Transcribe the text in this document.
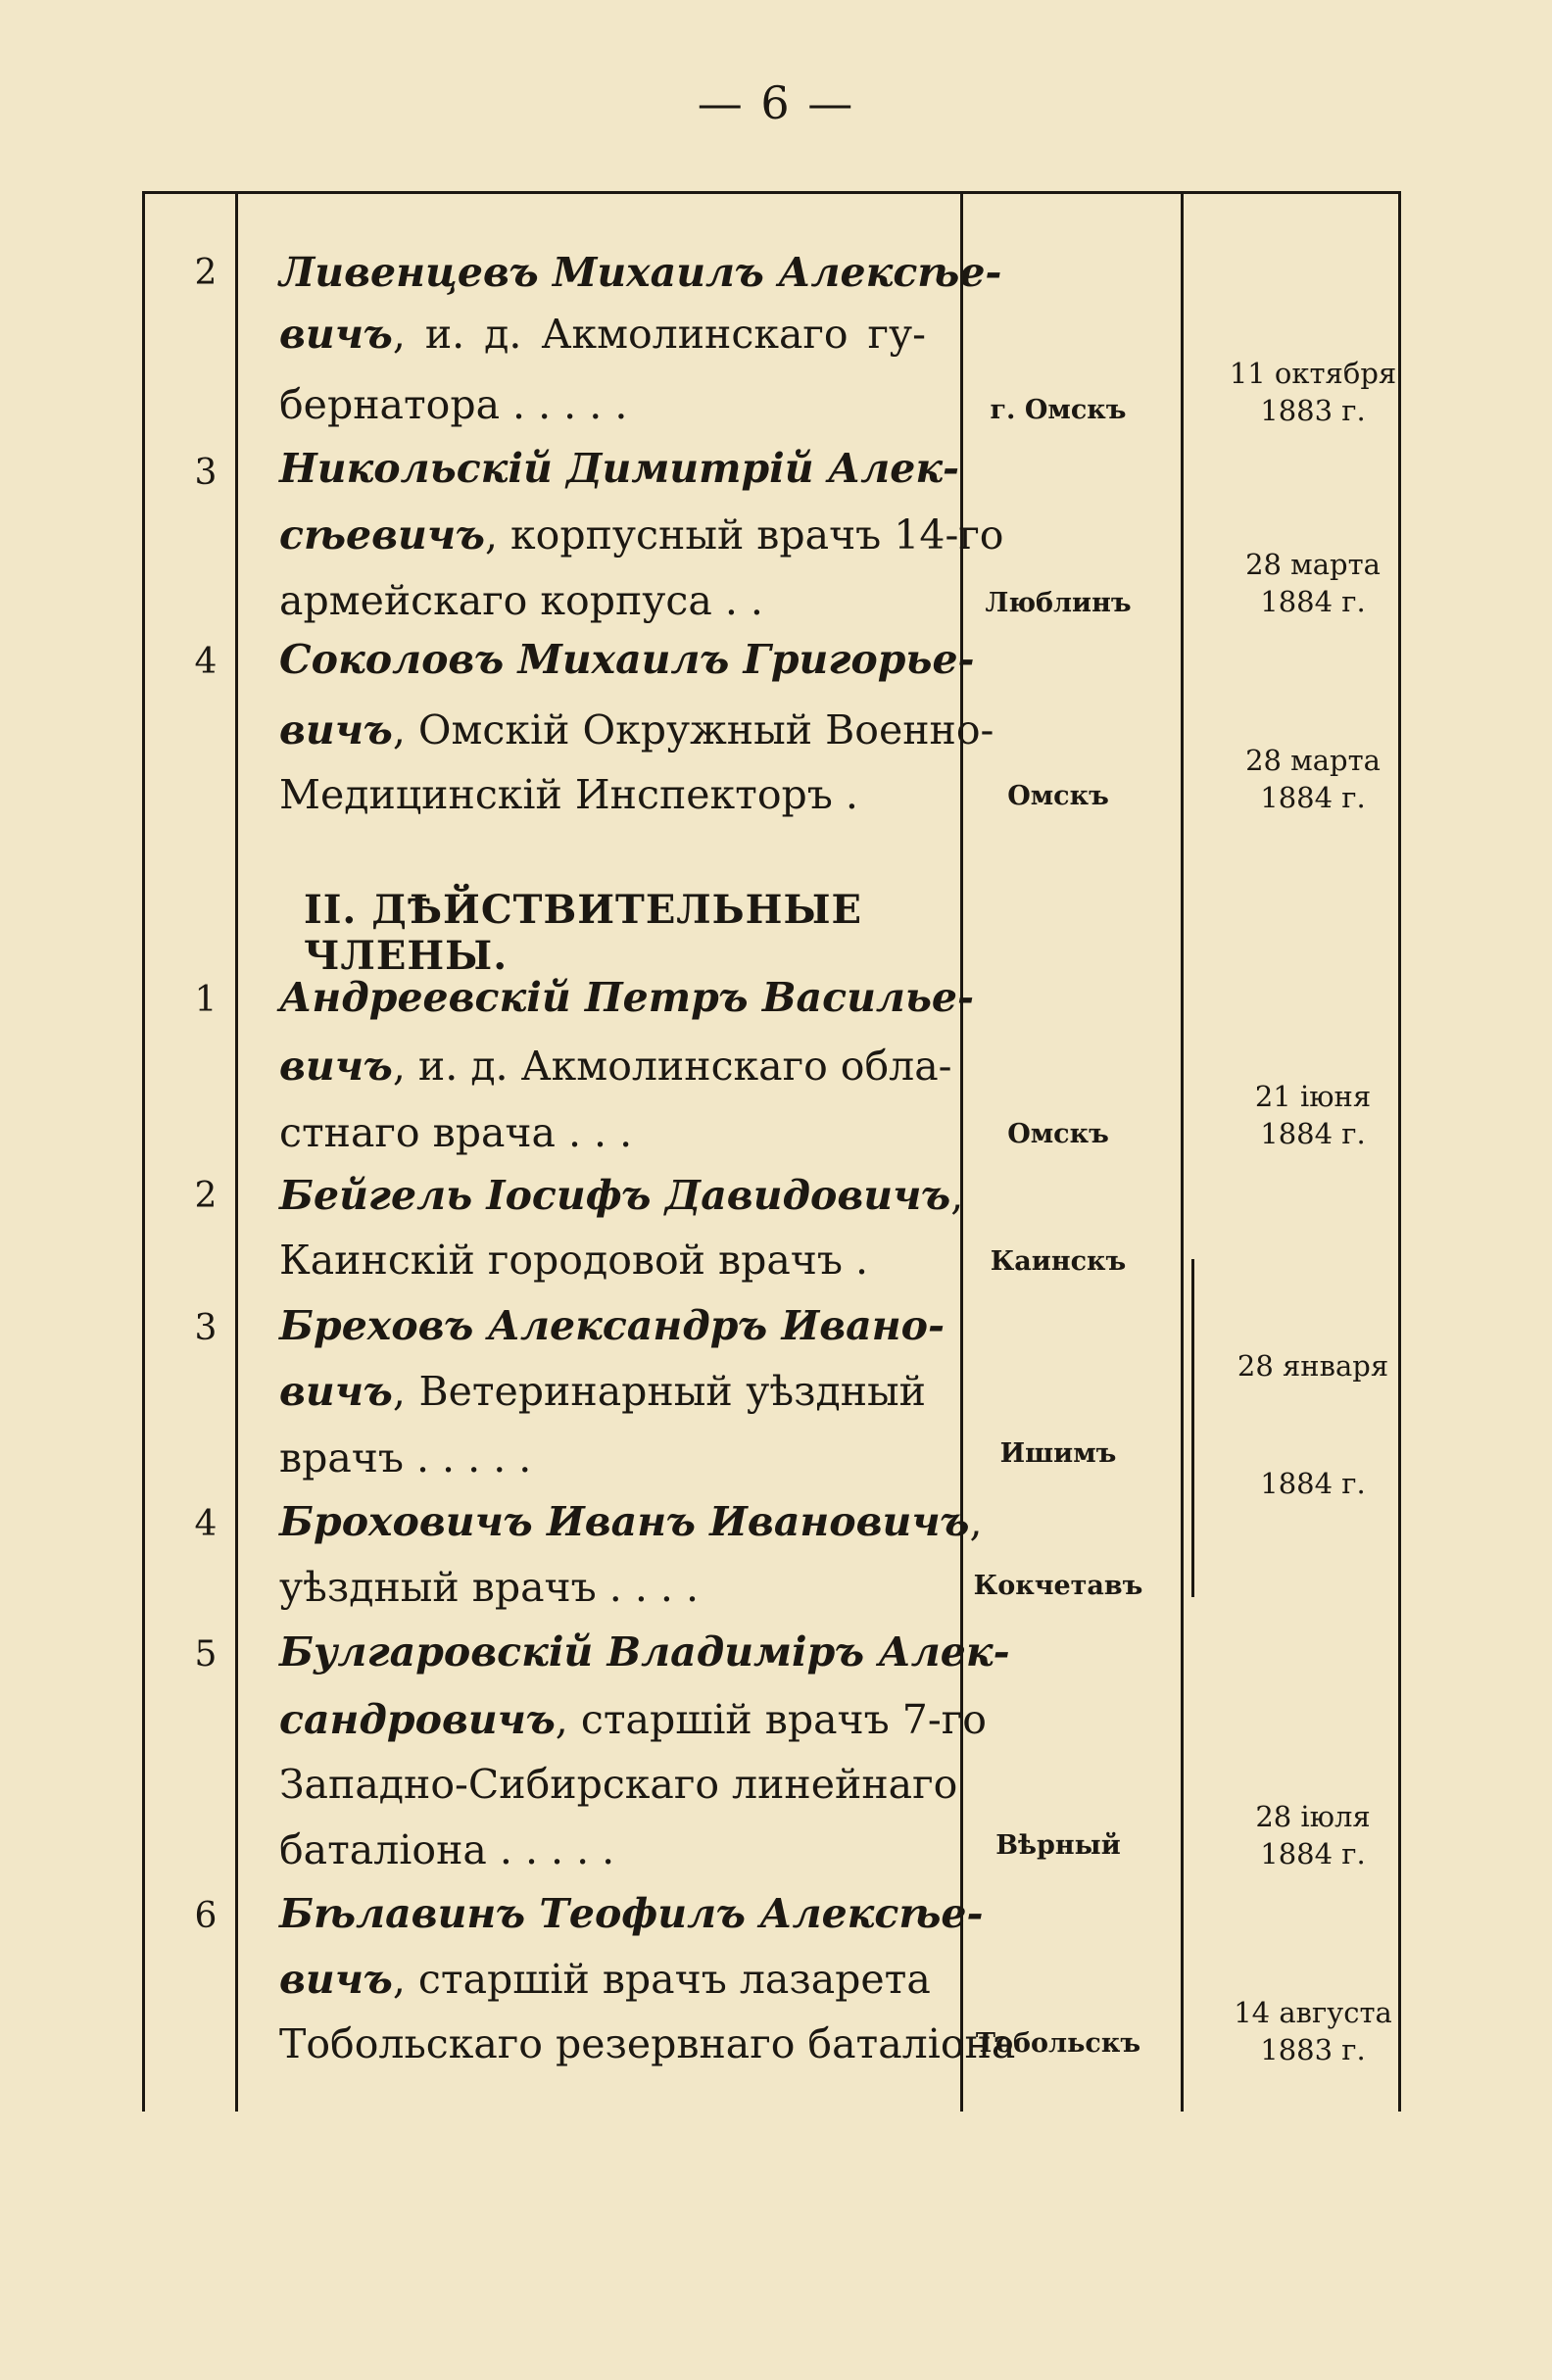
— 6 —
2	Ливенцевъ Михаилъ Алексѣе-
вичъ, и. д. Акмолинскаго гу-
бернатора . . . . .	г. Омскъ
11 октября
1883 г.
3	Никольскій Димитрій Алек-
сѣевичъ, корпусный врачъ 14-го
армейскаго корпуса . .	Люблинъ
28 марта
1884 г.
4	Соколовъ Михаилъ Григорье-
вичъ, Омскій Окружный Военно-
Медицинскій Инспекторъ .	Омскъ
28 марта
1884 г.
II. ДѢЙСТВИТЕЛЬНЫЕ ЧЛЕНЫ.
1	Андреевскій Петръ Василье-
вичъ, и. д. Акмолинскаго обла-
стнаго врача . . .	Омскъ
21 іюня
1884 г.
2	Бейгель Іосифъ Давидовичъ,
Каинскій городовой врачъ .	Каинскъ
3	Бреховъ Александръ Ивано-
вичъ, Ветеринарный уѣздный
врачъ . . . . .	Ишимъ
4	Броховичъ Иванъ Ивановичъ,
уѣздный врачъ . . . .	Кокчетавъ
28 января
1884 г.
5	Булгаровскій Владиміръ Алек-
сандровичъ, старшій врачъ 7-го
Западно-Сибирскаго линейнаго
баталіона . . . . .	Вѣрный
28 іюля
1884 г.
6	Бѣлавинъ Теофилъ Алексѣе-
вичъ, старшій врачъ лазарета
Тобольскаго резервнаго баталіона
Тобольскъ
14 августа
1883 г.
